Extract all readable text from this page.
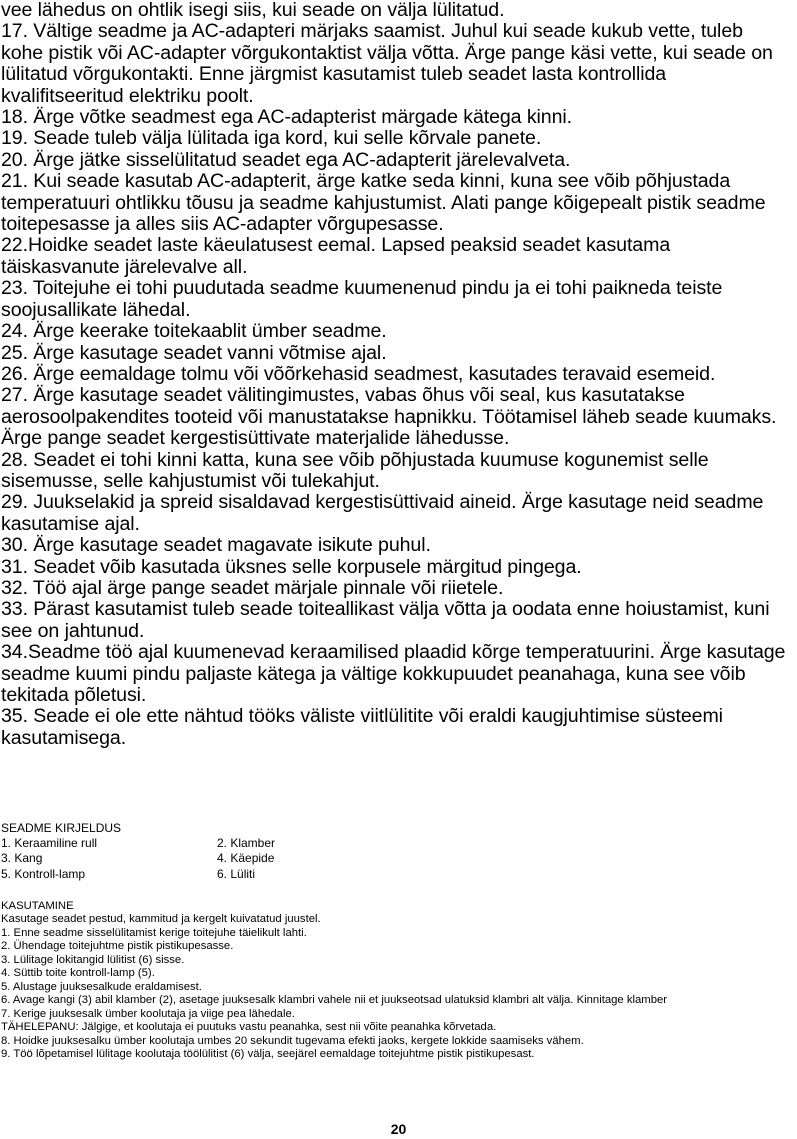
vee lähedus on ohtlik isegi siis, kui seade on välja lülitatud.

17. Vältige seadme ja AC-adapteri märjaks saamist. Juhul kui seade kukub vette, tuleb

kohe pistik või AC-adapter võrgukontaktist välja võtta. Ärge pange käsi vette, kui seade on

lülitatud võrgukontakti. Enne järgmist kasutamist tuleb seadet lasta kontrollida

kvalifitseeritud elektriku poolt.

18. Ärge võtke seadmest ega AC-adapterist märgade kätega kinni.

19. Seade tuleb välja lülitada iga kord, kui selle kõrvale panete.

20. Ärge jätke sisselülitatud seadet ega AC-adapterit järelevalveta.

21. Kui seade kasutab AC-adapterit, ärge katke seda kinni, kuna see võib põhjustada

temperatuuri ohtlikku tõusu ja seadme kahjustumist. Alati pange kõigepealt pistik seadme

toitepesasse ja alles siis AC-adapter võrgupesasse.

22.Hoidke seadet laste käeulatusest eemal. Lapsed peaksid seadet kasutama

täiskasvanute järelevalve all.

23. Toitejuhe ei tohi puudutada seadme kuumenenud pindu ja ei tohi paikneda teiste

soojusallikate lähedal.

24. Ärge keerake toitekaablit ümber seadme.

25. Ärge kasutage seadet vanni võtmise ajal.

26. Ärge eemaldage tolmu või võõrkehasid seadmest, kasutades teravaid esemeid.

27. Ärge kasutage seadet välitingimustes, vabas õhus või seal, kus kasutatakse

aerosoolpakendites tooteid või manustatakse hapnikku. Töötamisel läheb seade kuumaks.

Ärge pange seadet kergestisüttivate materjalide lähedusse.

28. Seadet ei tohi kinni katta, kuna see võib põhjustada kuumuse kogunemist selle

sisemusse, selle kahjustumist või tulekahjut.

29. Juukselakid ja spreid sisaldavad kergestisüttivaid aineid. Ärge kasutage neid seadme

kasutamise ajal.

30. Ärge kasutage seadet magavate isikute puhul.

31. Seadet võib kasutada üksnes selle korpusele märgitud pingega.

32. Töö ajal ärge pange seadet märjale pinnale või riietele.

33. Pärast kasutamist tuleb seade toiteallikast välja võtta ja oodata enne hoiustamist, kuni

see on jahtunud.

34.Seadme töö ajal kuumenevad keraamilised plaadid kõrge temperatuurini. Ärge kasutage

seadme kuumi pindu paljaste kätega ja vältige kokkupuudet peanahaga, kuna see võib

tekitada põletusi.

35. Seade ei ole ette nähtud tööks väliste viitlülitite või eraldi kaugjuhtimise süsteemi

kasutamisega.

SEADME KIRJELDUS

1. Keraamiline rull	2. Klamber

3. Kang	4. Käepide

5. Kontroll-lamp	6. Lüliti

KASUTAMINE

Kasutage seadet pestud, kammitud ja kergelt kuivatatud juustel.

1. Enne seadme sisselülitamist kerige toitejuhe täielikult lahti.

2. Ühendage toitejuhtme pistik pistikupesasse.

3. Lülitage lokitangid lülitist (6) sisse.

4. Süttib toite kontroll-lamp (5).

5. Alustage juuksesalkude eraldamisest.

6. Avage kangi (3) abil klamber (2), asetage juuksesalk klambri vahele nii et juukseotsad ulatuksid klambri alt välja. Kinnitage klamber

7. Kerige juuksesalk ümber koolutaja ja viige pea lähedale.

TÄHELEPANU: Jälgige, et koolutaja ei puutuks vastu peanahka, sest nii võite peanahka kõrvetada.

8. Hoidke juuksesalku ümber koolutaja umbes 20 sekundit tugevama efekti jaoks, kergete lokkide saamiseks vähem.

9. Töö lõpetamisel lülitage koolutaja töölülitist (6) välja, seejärel eemaldage toitejuhtme pistik pistikupesast.

20
